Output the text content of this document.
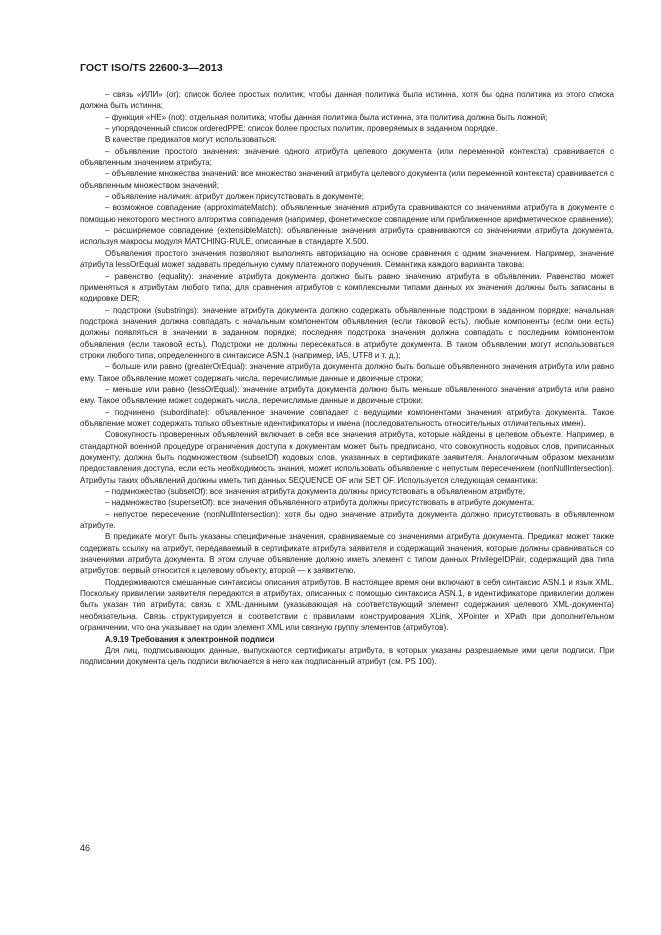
ГОСТ ISO/TS 22600-3—2013

– связь «ИЛИ» (or): список более простых политик; чтобы данная политика была истинна, хотя бы одна политика из этого списка должна быть истинна;

– функция «НЕ» (not): отдельная политика; чтобы данная политика была истинна, эта политика должна быть ложной;

– упорядоченный список orderedPPE: список более простых политик, проверяемых в заданном порядке.

В качестве предикатов могут использоваться:

– объявление простого значения: значение одного атрибута целевого документа (или переменной контекста) сравнивается с объявленным значением атрибута;

– объявление множества значений: все множество значений атрибута целевого документа (или переменной контекста) сравнивается с объявленным множеством значений;

– объявление наличия: атрибут должен присутствовать в документе;

– возможное совпадение (approximateMatch): объявленные значения атрибута сравниваются со значениями атрибута в документе с помощью некоторого местного алгоритма совпадения (например, фонетическое совпадение или приближенное арифметическое сравнение);

– расширяемое совпадение (extensibleMatch): объявленные значения атрибута сравниваются со значениями атрибута документа, используя макросы модуля MATCHING-RULE, описанные в стандарте X.500.

Объявления простого значения позволяют выполнять авторизацию на основе сравнения с одним значением. Например, значение атрибута lessOrEqual может задавать предельную сумму платежного поручения. Семантика каждого варианта такова:

– равенство (equality): значение атрибута документа должно быть равно значению атрибута в объявлении. Равенство может применяться к атрибутам любого типа; для сравнения атрибутов с комплексными типами данных их значения должны быть записаны в кодировке DER;

– подстроки (substrings): значение атрибута документа должно содержать объявленные подстроки в заданном порядке; начальная подстрока значения должна совпадать с начальным компонентом объявления (если таковой есть), любые компоненты (если они есть) должны появляться в значении в заданном порядке; последняя подстрока значения должна совпадать с последним компонентом объявления (если таковой есть). Подстроки не должны пересекаться в атрибуте документа. В таком объявлении могут использоваться строки любого типа, определенного в синтаксисе ASN.1 (например, IA5, UTF8 и т. д.);

– больше или равно (greaterOrEqual): значение атрибута документа должно быть больше объявленного значения атрибута или равно ему. Такое объявление может содержать числа, перечислимые данные и двоичные строки;

– меньше или равно (lessOrEqual): значение атрибута документа должно быть меньше объявленного значения атрибута или равно ему. Такое объявление может содержать числа, перечислимые данные и двоичные строки;

– подчинено (subordinate): объявленное значение совпадает с ведущими компонентами значения атрибута документа. Такое объявление может содержать только объектные идентификаторы и имена (последовательность относительных отличительных имен).

Совокупность проверенных объявлений включает в себя все значения атрибута, которые найдены в целевом объекте. Например, в стандартной военной процедуре ограничения доступа к документам может быть предписано, что совокупность кодовых слов, приписанных документу, должна быть подмножеством (subsetOf) кодовых слов, указанных в сертификате заявителя. Аналогичным образом механизм предоставления доступа, если есть необходимость знания, может использовать объявление с непустым пересечением (nonNullIntersection). Атрибуты таких объявлений должны иметь тип данных SEQUENCE OF или SET OF. Используется следующая семантика:

– подмножество (subsetOf): все значения атрибута документа должны присутствовать в объявленном атрибуте;

– надмножество (supersetOf): все значения объявленного атрибута должны присутствовать в атрибуте документа;

– непустое пересечение (nonNullIntersection): хотя бы одно значение атрибута документа должно присутствовать в объявленном атрибуте.

В предикате могут быть указаны специфичные значения, сравниваемые со значениями атрибута документа. Предикат может также содержать ссылку на атрибут, передаваемый в сертификате атрибута заявителя и содержащий значения, которые должны сравниваться со значениями атрибута документа. В этом случае объявление должно иметь элемент с типом данных PrivilegeIDPair, содержащий два типа атрибутов: первый относится к целевому объекту, второй — к заявителю.

Поддерживаются смешанные синтаксисы описания атрибутов. В настоящее время они включают в себя синтаксис ASN.1 и язык XML. Поскольку привилегии заявителя передаются в атрибутах, описанных с помощью синтаксиса ASN.1, в идентификаторе привилегии должен быть указан тип атрибута; связь с XML-данными (указывающая на соответствующий элемент содержания целевого XML-документа) необязательна. Связь структурируется в соответствии с правилами конструирования XLink, XPointer и XPath при дополнительном ограничении, что она указывает на один элемент XML или связную группу элементов (атрибутов).

А.9.19 Требования к электронной подписи

Для лиц, подписывающих данные, выпускаются сертификаты атрибута, в которых указаны разрешаемые ими цели подписи. При подписании документа цель подписи включается в него как подписанный атрибут (см. PS 100).

46
